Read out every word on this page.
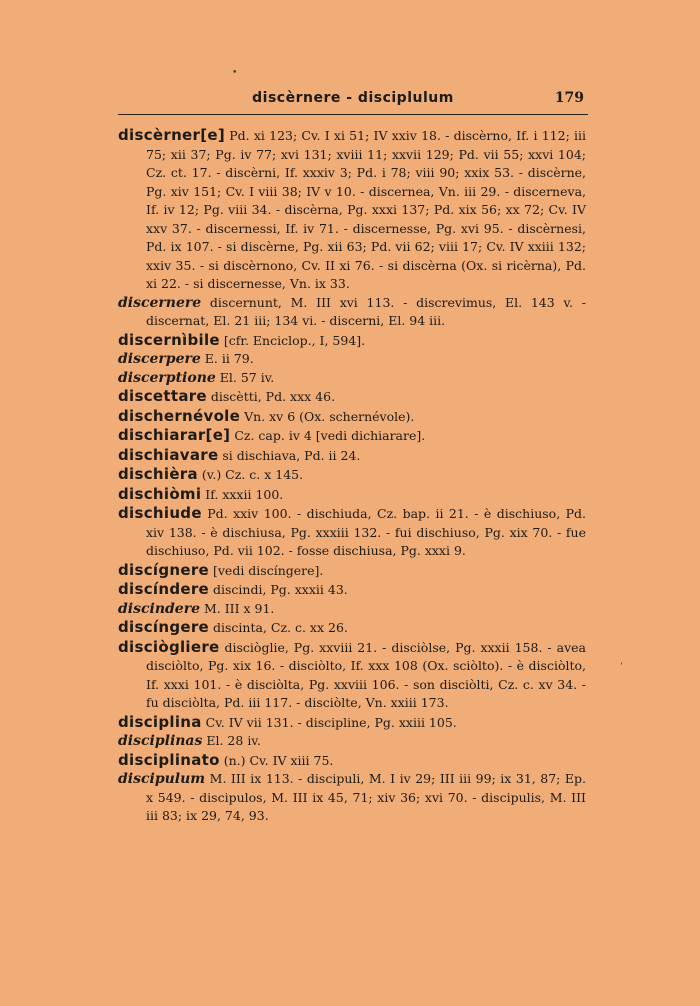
•
‘
discèrnere - disciplulum	179
discèrner[e] Pd. xi 123; Cv. I xi 51; IV xxiv 18. - discèrno, If. i 112; iii 75; xii 37; Pg. iv 77; xvi 131; xviii 11; xxvii 129; Pd. vii 55; xxvi 104; Cz. ct. 17. - discèrni, If. xxxiv 3; Pd. i 78; viii 90; xxix 53. - discèrne, Pg. xiv 151; Cv. I viii 38; IV v 10. - discernea, Vn. iii 29. - discerneva, If. iv 12; Pg. viii 34. - discèrna, Pg. xxxi 137; Pd. xix 56; xx 72; Cv. IV xxv 37. - discernessi, If. iv 71. - discernesse, Pg. xvi 95. - discèrnesi, Pd. ix 107. - si discèrne, Pg. xii 63; Pd. vii 62; viii 17; Cv. IV xxiii 132; xxiv 35. - si discèrnono, Cv. II xi 76. - si discèrna (Ox. si ricèrna), Pd. xi 22. - si discernesse, Vn. ix 33.
discernere discernunt, M. III xvi 113. - discrevimus, El. 143 v. - discernat, El. 21 iii; 134 vi. - discerni, El. 94 iii.
discernìbile [cfr. Enciclop., I, 594].
discerpere E. ii 79.
discerptione El. 57 iv.
discettare discètti, Pd. xxx 46.
dischernévole Vn. xv 6 (Ox. schernévole).
dischiarar[e] Cz. cap. iv 4 [vedi dichiarare].
dischiavare si dischiava, Pd. ii 24.
dischièra (v.) Cz. c. x 145.
dischiòmi If. xxxii 100.
dischiude Pd. xxiv 100. - dischiuda, Cz. bap. ii 21. - è dischiuso, Pd. xiv 138. - è dischiusa, Pg. xxxiii 132. - fui dischiuso, Pg. xix 70. - fue dischiuso, Pd. vii 102. - fosse dischiusa, Pg. xxxi 9.
discígnere [vedi discíngere].
discíndere discindi, Pg. xxxii 43.
discindere M. III x 91.
discíngere discinta, Cz. c. xx 26.
disciògliere disciòglie, Pg. xxviii 21. - disciòlse, Pg. xxxii 158. - avea disciòlto, Pg. xix 16. - disciòlto, If. xxx 108 (Ox. sciòlto). - è disciòlto, If. xxxi 101. - è disciòlta, Pg. xxviii 106. - son disciòlti, Cz. c. xv 34. - fu disciòlta, Pd. iii 117. - disciòlte, Vn. xxiii 173.
disciplina Cv. IV vii 131. - discipline, Pg. xxiii 105.
disciplinas El. 28 iv.
disciplinato (n.) Cv. IV xiii 75.
discipulum M. III ix 113. - discipuli, M. I iv 29; III iii 99; ix 31, 87; Ep. x 549. - discipulos, M. III ix 45, 71; xiv 36; xvi 70. - discipulis, M. III iii 83; ix 29, 74, 93.
